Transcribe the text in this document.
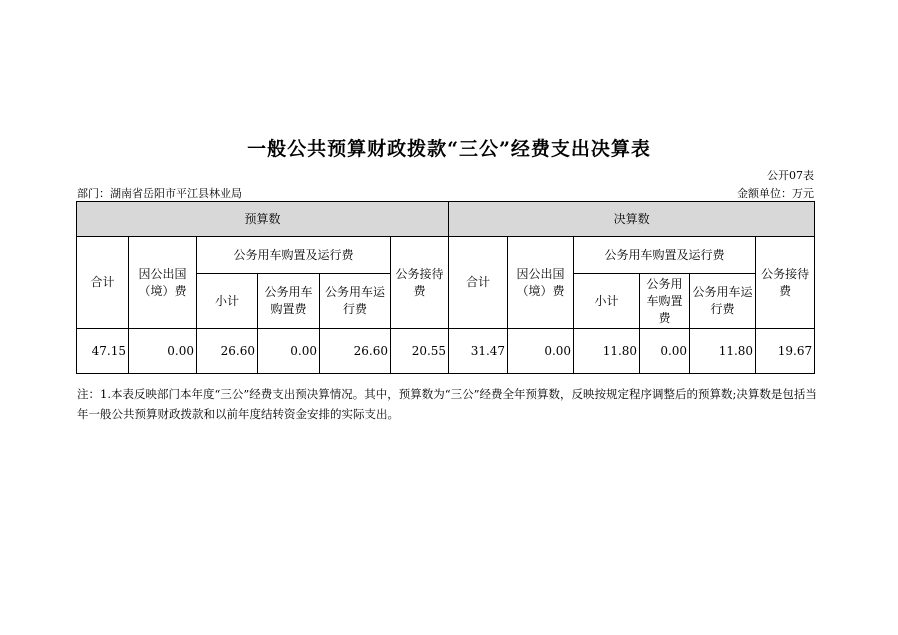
一般公共预算财政拨款“三公”经费支出决算表
公开07表
部门：湖南省岳阳市平江县林业局	金额单位：万元
预算数						决算数					
合计	因公出国（境）费	公务用车购置及运行费			公务接待费	合计	因公出国（境）费	公务用车购置及运行费			公务接待费
		小计	公务用车购置费	公务用车运行费				小计	公务用车购置费	公务用车运行费	
47.15	0.00	26.60	0.00	26.60	20.55	31.47	0.00	11.80	0.00	11.80	19.67
注：1.本表反映部门本年度“三公”经费支出预决算情况。其中，预算数为“三公”经费全年预算数，反映按规定程序调整后的预算数;决算数是包括当年一般公共预算财政拨款和以前年度结转资金安排的实际支出。
